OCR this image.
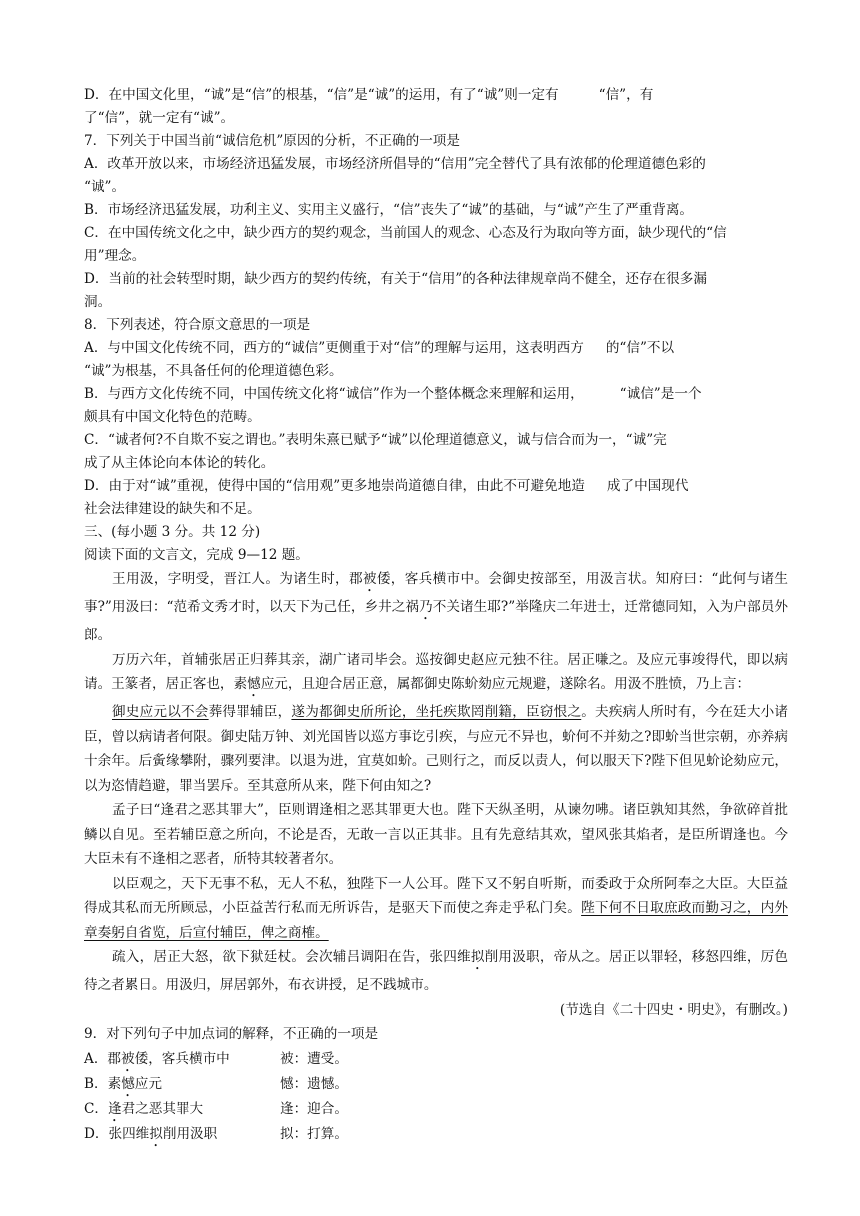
D．在中国文化里，“诚”是“信”的根基，“信”是“诚”的运用，有了“诚”则一定有	“信”，有
了“信”，就一定有“诚”。
7．下列关于中国当前“诚信危机”原因的分析，不正确的一项是
A．改革开放以来，市场经济迅猛发展，市场经济所倡导的“信用”完全替代了具有浓郁的伦理道德色彩的
“诚”。
B．市场经济迅猛发展，功利主义、实用主义盛行，“信”丧失了“诚”的基础，与“诚”产生了严重背离。
C．在中国传统文化之中，缺少西方的契约观念，当前国人的观念、心态及行为取向等方面，缺少现代的“信
用”理念。
D．当前的社会转型时期，缺少西方的契约传统，有关于“信用”的各种法律规章尚不健全，还存在很多漏
洞。
8．下列表述，符合原文意思的一项是
A．与中国文化传统不同，西方的“诚信”更侧重于对“信”的理解与运用，这表明西方 的“信”不以
“诚”为根基，不具备任何的伦理道德色彩。
B．与西方文化传统不同，中国传统文化将“诚信”作为一个整体概念来理解和运用，	“诚信”是一个
颇具有中国文化特色的范畴。
C．“诚者何?不自欺不妄之谓也。”表明朱熹已赋予“诚”以伦理道德意义，诚与信合而为一，“诚”完
成了从主体论向本体论的转化。
D．由于对“诚”重视，使得中国的“信用观”更多地崇尚道德自律，由此不可避免地造 成了中国现代
社会法律建设的缺失和不足。
三、(每小题 3 分。共 12 分)
阅读下面的文言文，完成 9—12 题。
王用汲，字明受，晋江人。为诸生时，郡被倭，客兵横市中。会御史按部至，用汲言状。知府曰：“此何与诸生事?”用汲曰：“范希文秀才时，以天下为己任，乡井之祸乃不关诸生耶?”举隆庆二年进士，迁常德同知，入为户部员外郎。
万历六年，首辅张居正归葬其亲，湖广诸司毕会。巡按御史赵应元独不往。居正嗛之。及应元事竣得代，即以病请。王篆者，居正客也，素憾应元，且迎合居正意，属都御史陈蚧劾应元规避，遂除名。用汲不胜愤，乃上言：
御史应元以不会葬得罪辅臣，遂为都御史斦所论，坐托疾欺罔削籍，臣窃恨之。夫疾病人所时有，今在廷大小诸臣，曾以病请者何限。御史陆万钟、刘光国皆以巡方事讫引疾，与应元不异也，蚧何不并劾之?即蚧当世宗朝，亦养病十余年。后夤缘攀附，骤列要津。以退为进，宜莫如蚧。己则行之，而反以责人，何以服天下?陛下但见蚧论劾应元，以为恣情趋避，罪当罢斥。至其意所从来，陛下何由知之?
孟子曰“逢君之恶其罪大”，臣则谓逢相之恶其罪更大也。陛下天纵圣明，从谏勿咈。诸臣孰知其然，争欲碎首批鳞以自见。至若辅臣意之所向，不论是否，无敢一言以正其非。且有先意结其欢，望风张其焰者，是臣所谓逢也。今大臣未有不逢相之恶者，斦特其较著者尔。
以臣观之，天下无事不私，无人不私，独陛下一人公耳。陛下又不躬自听斯，而委政于众所阿奉之大臣。大臣益得成其私而无所顾忌，小臣益苦行私而无所诉告，是驱天下而使之奔走乎私门矣。陛下何不日取庶政而勤习之，内外章奏躬自省览，后宣付辅臣，俾之商榷。
疏入，居正大怒，欲下狱廷杖。会次辅吕调阳在告，张四维拟削用汲职，帝从之。居正以罪轻，移怒四维，厉色待之者累日。用汲归，屏居郭外，布衣讲授，足不践城市。
(节选自《二十四史・明史》，有删改。)
9．对下列句子中加点词的解释，不正确的一项是
A．郡被倭，客兵横市中	被：遭受。
B．素憾应元	憾：遗憾。
C．逢君之恶其罪大	逢：迎合。
D．张四维拟削用汲职	拟：打算。
